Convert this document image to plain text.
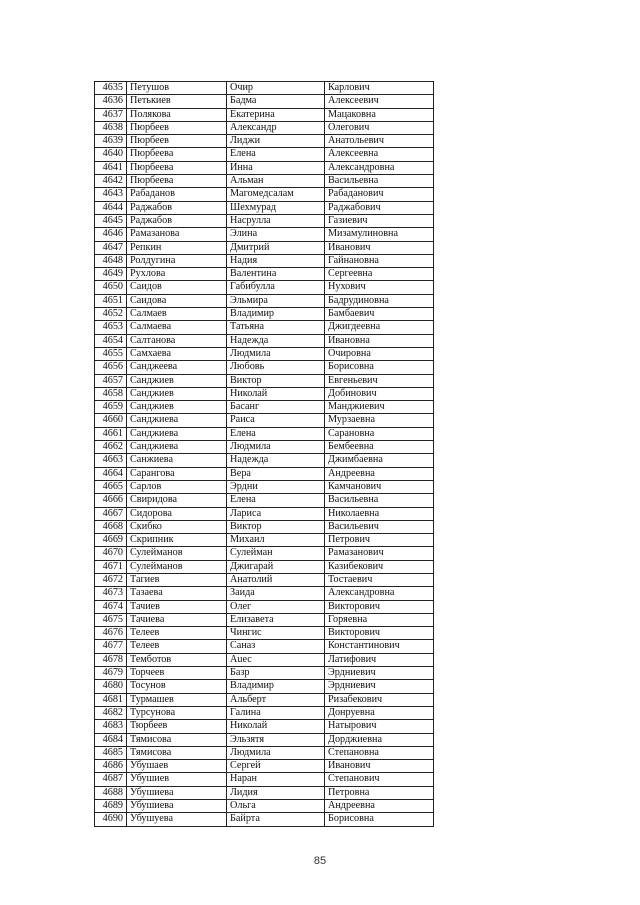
4635	Петушов	Очир	Карлович
4636	Петькиев	Бадма	Алексеевич
4637	Полякова	Екатерина	Мацаковна
4638	Пюрбеев	Александр	Олегович
4639	Пюрбеев	Лиджи	Анатольевич
4640	Пюрбеева	Елена	Алексеевна
4641	Пюрбеева	Инна	Александровна
4642	Пюрбеева	Альман	Васильевна
4643	Рабаданов	Магомедсалам	Рабаданович
4644	Раджабов	Шехмурад	Раджабович
4645	Раджабов	Насрулла	Газиевич
4646	Рамазанова	Элина	Мизамулиновна
4647	Репкин	Дмитрий	Иванович
4648	Ролдугина	Надия	Гайнановна
4649	Рухлова	Валентина	Сергеевна
4650	Саидов	Габибулла	Нухович
4651	Саидова	Эльмира	Бадрудиновна
4652	Салмаев	Владимир	Бамбаевич
4653	Салмаева	Татьяна	Джигдеевна
4654	Салтанова	Надежда	Ивановна
4655	Самхаева	Людмила	Очировна
4656	Санджеева	Любовь	Борисовна
4657	Санджиев	Виктор	Евгеньевич
4658	Санджиев	Николай	Добинович
4659	Санджиев	Басанг	Манджиевич
4660	Санджиева	Раиса	Мурзаевна
4661	Санджиева	Елена	Сарановна
4662	Санджиева	Людмила	Бембеевна
4663	Санжиева	Надежда	Джимбаевна
4664	Сарангова	Вера	Андреевна
4665	Сарлов	Эрдни	Камчанович
4666	Свиридова	Елена	Васильевна
4667	Сидорова	Лариса	Николаевна
4668	Скибко	Виктор	Васильевич
4669	Скрипник	Михаил	Петрович
4670	Сулейманов	Сулейман	Рамазанович
4671	Сулейманов	Джигарай	Казибекович
4672	Тагиев	Анатолий	Тостаевич
4673	Тазаева	Заида	Александровна
4674	Тачиев	Олег	Викторович
4675	Тачиева	Елизавета	Горяевна
4676	Телеев	Чингис	Викторович
4677	Телеев	Саназ	Константинович
4678	Темботов	Аuес	Латифович
4679	Торчеев	Базр	Эрдниевич
4680	Тосунов	Владимир	Эрдниевич
4681	Турмашев	Альберт	Ризабекович
4682	Турсунова	Галина	Донруевна
4683	Тюрбеев	Николай	Натырович
4684	Тямисова	Эльзятя	Дорджиевна
4685	Тямисова	Людмила	Степановна
4686	Убушаев	Сергей	Иванович
4687	Убушиев	Наран	Степанович
4688	Убушиева	Лидия	Петровна
4689	Убушиева	Ольга	Андреевна
4690	Убушуева	Байрта	Борисовна
85
